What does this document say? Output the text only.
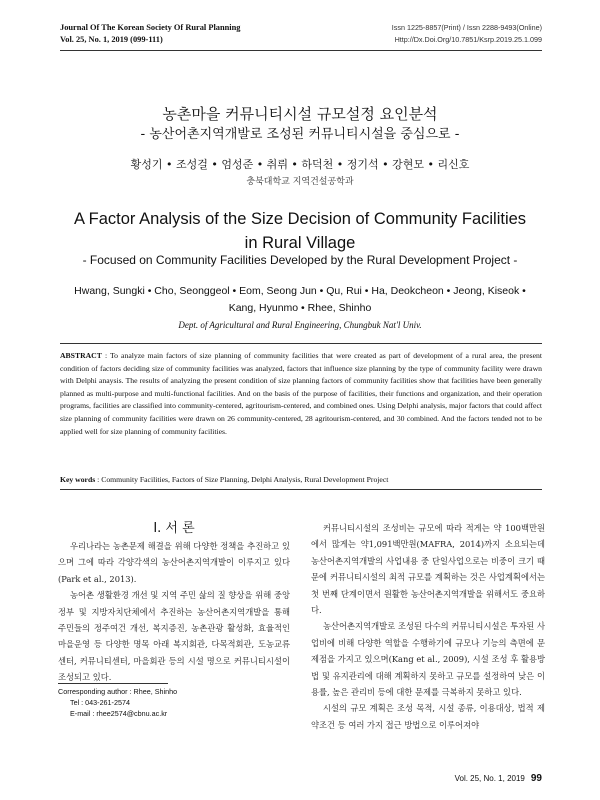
Journal Of The Korean Society Of Rural Planning
Vol. 25, No. 1, 2019 (099-111)
Issn 1225-8857(Print) / Issn 2288-9493(Online)
Http://Dx.Doi.Org/10.7851/Ksrp.2019.25.1.099
농촌마을 커뮤니티시설 규모설정 요인분석
- 농산어촌지역개발로 조성된 커뮤니티시설을 중심으로 -
황성기 • 조성걸 • 엄성준 • 취뤼 • 하덕천 • 정기석 • 강현모 • 리신호
충북대학교 지역건설공학과
A Factor Analysis of the Size Decision of Community Facilities
in Rural Village
- Focused on Community Facilities Developed by the Rural Development Project -
Hwang, Sungki • Cho, Seonggeol • Eom, Seong Jun • Qu, Rui • Ha, Deokcheon • Jeong, Kiseok •
Kang, Hyunmo • Rhee, Shinho
Dept. of Agricultural and Rural Engineering, Chungbuk Nat'l Univ.
ABSTRACT : To analyze main factors of size planning of community facilities that were created as part of development of a rural area, the present condition of factors deciding size of community facilities was analyzed, factors that influence size planning by the type of community facility were drawn with Delphi anaysis. The results of analyzing the present condition of size planning factors of community facilities show that facilities have been generally planned as multi-purpose and multi-functional facilities. And on the basis of the purpose of facilities, their functions and organization, and their operation programs, facilities are classified into community-centered, agritourism-centered, and combined ones. Using Delphi analysis, major factors that could affect size planning of community facilities were drawn on 26 community-centered, 28 agritourism-centered, and 30 combined. And the factors tended not to be applied well for size planning of community facilities.
Key words : Community Facilities, Factors of Size Planning, Delphi Analysis, Rural Development Project
Ⅰ. 서 론

우리나라는 농촌문제 해결을 위해 다양한 정책을 추진하고 있으며 그에 따라 각양각색의 농산어촌지역개발이 이루지고 있다(Park et al., 2013).

농어촌 생활환경 개선 및 지역 주민 삶의 질 향상을 위해 중앙정부 및 지방자치단체에서 추진하는 농산어촌지역개발을 통해 주민들의 정주여건 개선, 복지증진, 농촌관광 활성화, 효율적인 마을운영 등 다양한 명목 아래 복지회관, 다목적회관, 도농교류센터, 커뮤니티센터, 마을회관 등의 시설 명으로 커뮤니티시설이 조성되고 있다.

커뮤니티시설의 조성비는 규모에 따라 적게는 약 100백만원에서 많게는 약1,091백만원(MAFRA, 2014)까지 소요되는데 농산어촌지역개발의 사업내용 중 단일사업으로는 비중이 크기 때문에 커뮤니티시설의 최적 규모를 계획하는 것은 사업계획에서는 첫 번째 단계이면서 원활한 농산어촌지역개발을 위해서도 중요하다.

농산어촌지역개발로 조성된 다수의 커뮤니티시설은 투자된 사업비에 비해 다양한 역할을 수행하기에 규모나 기능의 측면에 문제점을 가지고 있으며(Kang et al., 2009), 시설 조성 후 활용방법 및 유지관리에 대해 계획하지 못하고 규모를 설정하여 낮은 이용률, 높은 관리비 등에 대한 문제를 극복하지 못하고 있다.

시설의 규모 계획은 조성 목적, 시설 종류, 이용대상, 법적 제약조건 등 여러 가지 접근 방법으로 이루어져야

Corresponding author : Rhee, Shinho
Tel : 043-261-2574
E-mail : rhee2574@cbnu.ac.kr
Vol. 25, No. 1, 2019 99
